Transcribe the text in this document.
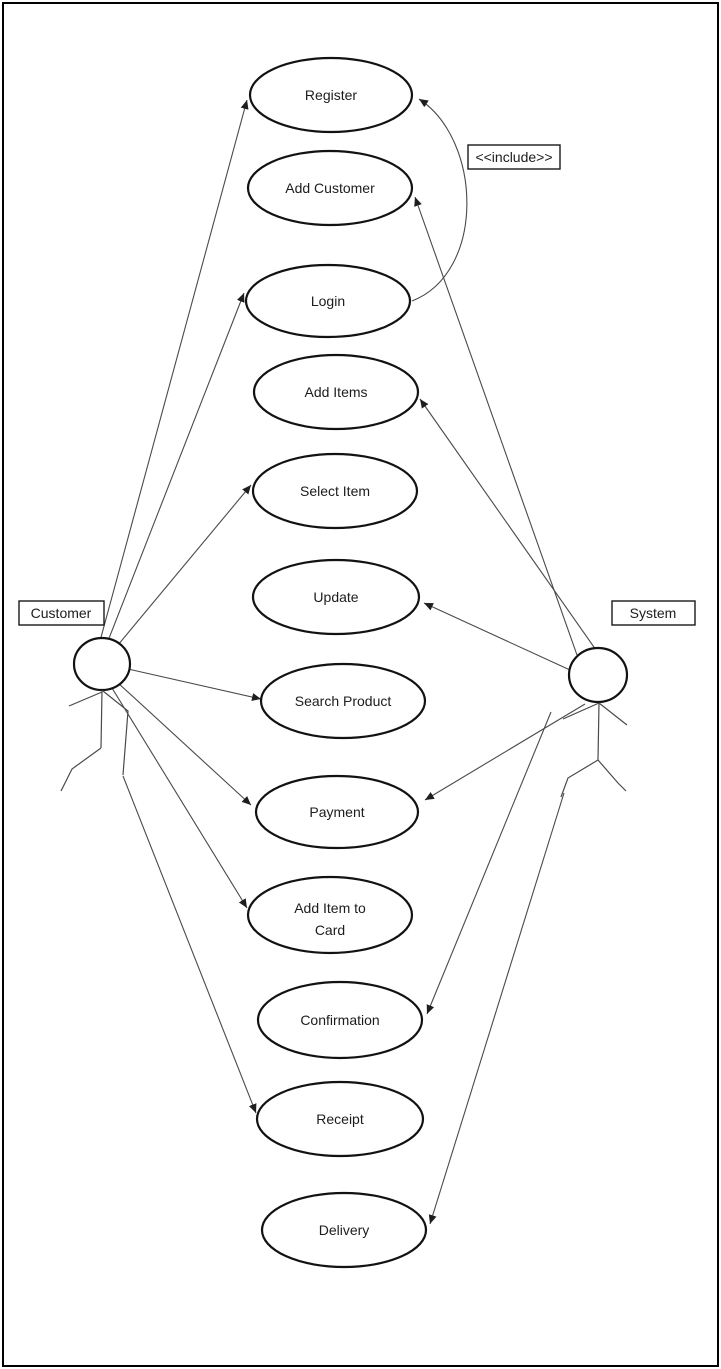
Customer	System
Register
Add Customer
Login
Add Items
Select Item
Update
Search Product
Payment
Add Item to
Card
Confirmation
Receipt
Delivery
<<include>>
